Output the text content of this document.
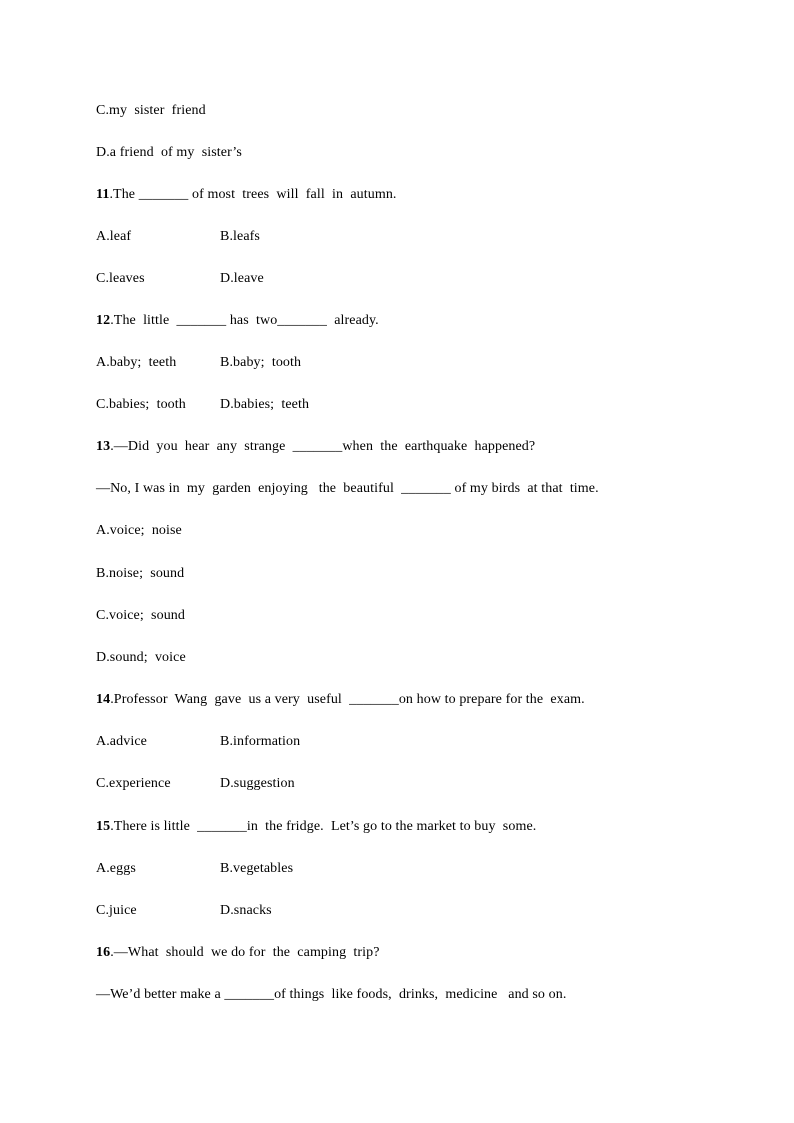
C.my  sister  friend
D.a friend  of my  sister’s
11.The _______ of most  trees  will  fall  in  autumn.
A.leaf	B.leafs
C.leaves	D.leave
12.The  little  _______ has  two_______  already.
A.baby;  teeth	B.baby;  tooth
C.babies;  tooth D.babies;  teeth
13.—Did  you  hear  any  strange  _______when  the  earthquake  happened?
—No, I was in  my  garden  enjoying   the  beautiful  _______ of my birds  at that  time.
A.voice;  noise
B.noise;  sound
C.voice;  sound
D.sound;  voice
14.Professor  Wang  gave  us a very  useful  _______on how to prepare for the  exam.
A.advice	B.information
C.experience	D.suggestion
15.There is little  _______in  the fridge.  Let’s go to the market to buy  some.
A.eggs	B.vegetables
C.juice	D.snacks
16.—What  should  we do for  the  camping  trip?
—We’d better make a _______of things  like foods,  drinks,  medicine   and so on.
